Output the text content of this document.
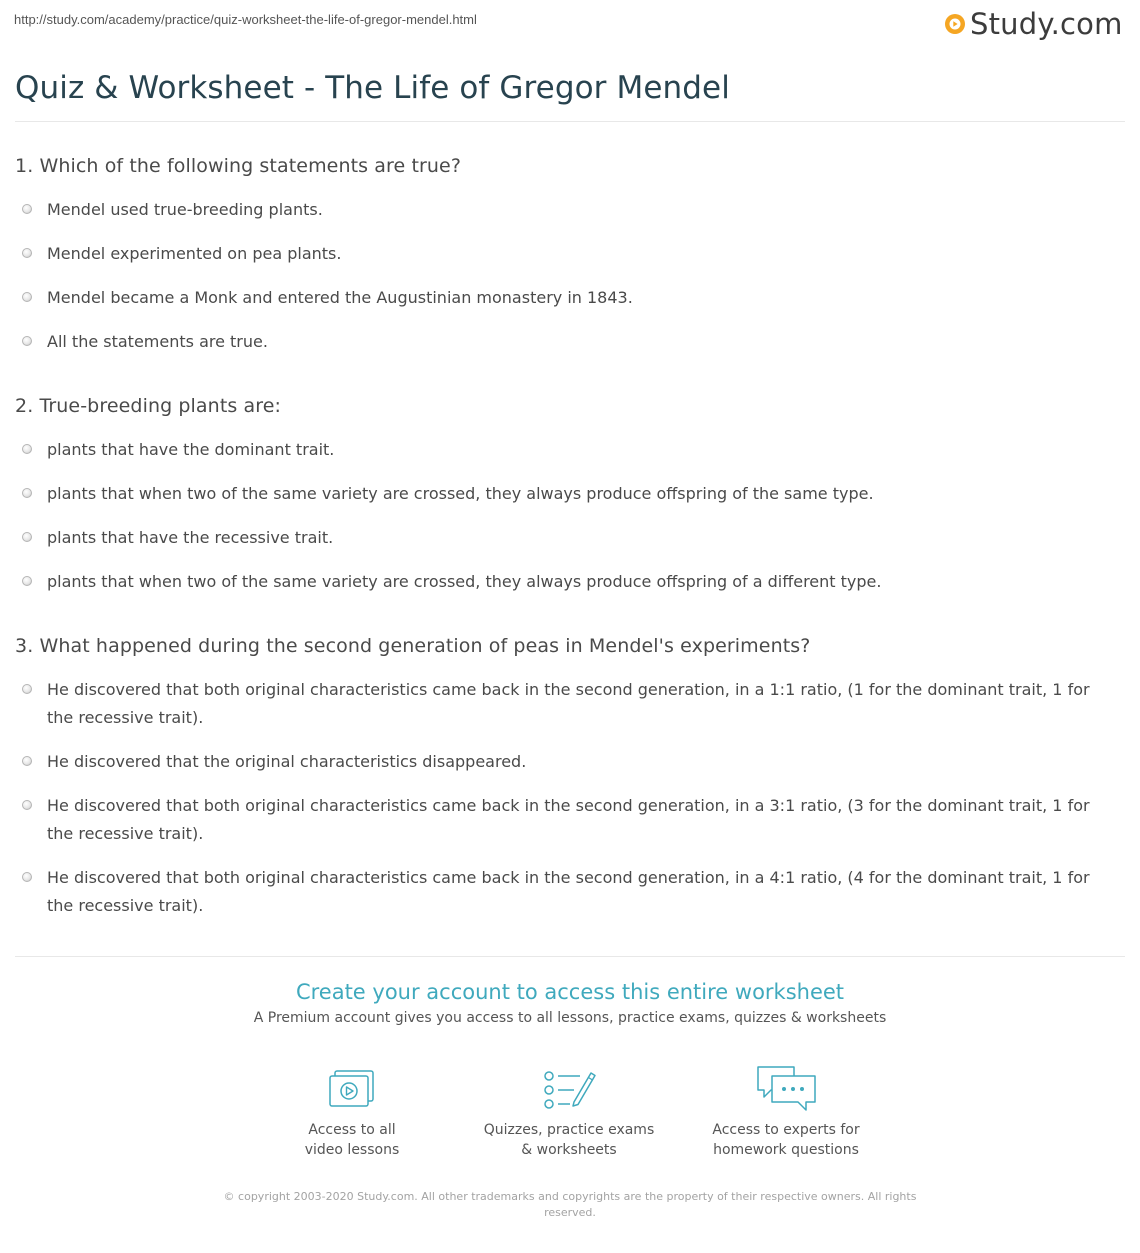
http://study.com/academy/practice/quiz-worksheet-the-life-of-gregor-mendel.html	Study.com
Quiz & Worksheet - The Life of Gregor Mendel
1. Which of the following statements are true?
Mendel used true-breeding plants.
Mendel experimented on pea plants.
Mendel became a Monk and entered the Augustinian monastery in 1843.
All the statements are true.
2. True-breeding plants are:
plants that have the dominant trait.
plants that when two of the same variety are crossed, they always produce offspring of the same type.
plants that have the recessive trait.
plants that when two of the same variety are crossed, they always produce offspring of a different type.
3. What happened during the second generation of peas in Mendel's experiments?
He discovered that both original characteristics came back in the second generation, in a 1:1 ratio, (1 for the dominant trait, 1 for the recessive trait).
He discovered that the original characteristics disappeared.
He discovered that both original characteristics came back in the second generation, in a 3:1 ratio, (3 for the dominant trait, 1 for the recessive trait).
He discovered that both original characteristics came back in the second generation, in a 4:1 ratio, (4 for the dominant trait, 1 for the recessive trait).
Create your account to access this entire worksheet
A Premium account gives you access to all lessons, practice exams, quizzes & worksheets
Access to all
video lessons
Quizzes, practice exams
& worksheets
Access to experts for
homework questions
© copyright 2003-2020 Study.com. All other trademarks and copyrights are the property of their respective owners. All rights reserved.
